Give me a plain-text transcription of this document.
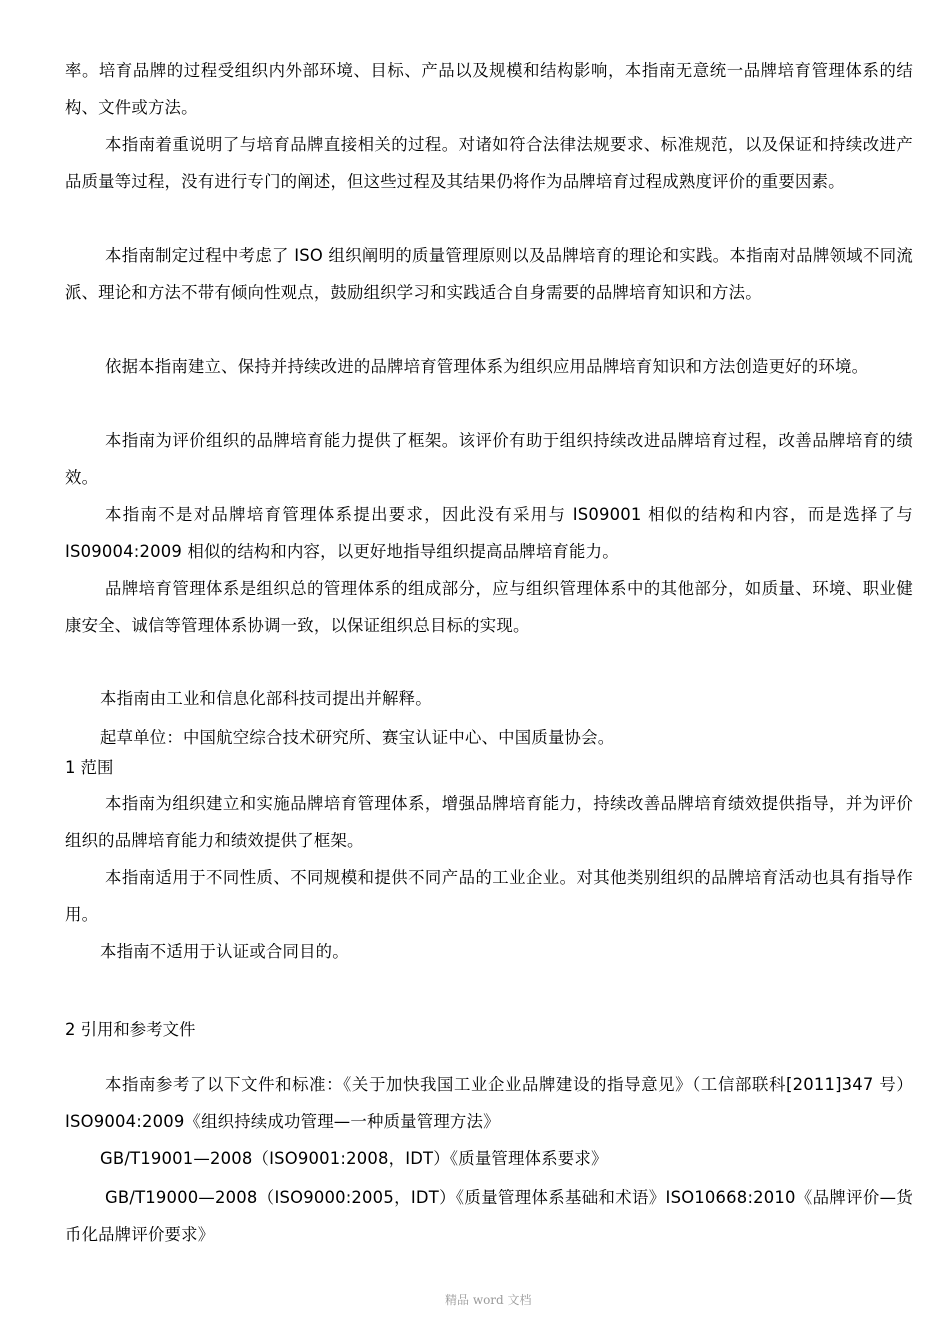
率。培育品牌的过程受组织内外部环境、目标、产品以及规模和结构影响，本指南无意统一品牌培育管理体系的结构、文件或方法。

本指南着重说明了与培育品牌直接相关的过程。对诸如符合法律法规要求、标准规范，以及保证和持续改进产品质量等过程，没有进行专门的阐述，但这些过程及其结果仍将作为品牌培育过程成熟度评价的重要因素。

本指南制定过程中考虑了 ISO 组织阐明的质量管理原则以及品牌培育的理论和实践。本指南对品牌领域不同流派、理论和方法不带有倾向性观点，鼓励组织学习和实践适合自身需要的品牌培育知识和方法。

依据本指南建立、保持并持续改进的品牌培育管理体系为组织应用品牌培育知识和方法创造更好的环境。

本指南为评价组织的品牌培育能力提供了框架。该评价有助于组织持续改进品牌培育过程，改善品牌培育的绩效。

本指南不是对品牌培育管理体系提出要求，因此没有采用与 IS09001 相似的结构和内容，而是选择了与 IS09004:2009 相似的结构和内容，以更好地指导组织提高品牌培育能力。

品牌培育管理体系是组织总的管理体系的组成部分，应与组织管理体系中的其他部分，如质量、环境、职业健康安全、诚信等管理体系协调一致，以保证组织总目标的实现。

本指南由工业和信息化部科技司提出并解释。

起草单位：中国航空综合技术研究所、赛宝认证中心、中国质量协会。

1 范围

本指南为组织建立和实施品牌培育管理体系，增强品牌培育能力，持续改善品牌培育绩效提供指导，并为评价组织的品牌培育能力和绩效提供了框架。

本指南适用于不同性质、不同规模和提供不同产品的工业企业。对其他类别组织的品牌培育活动也具有指导作用。

本指南不适用于认证或合同目的。

2 引用和参考文件

本指南参考了以下文件和标准：《关于加快我国工业企业品牌建设的指导意见》（工信部联科[2011]347 号）ISO9004:2009《组织持续成功管理—一种质量管理方法》

GB/T19001—2008（ISO9001:2008，IDT）《质量管理体系要求》

GB/T19000—2008（ISO9000:2005，IDT）《质量管理体系基础和术语》ISO10668:2010《品牌评价—货币化品牌评价要求》

精品 word 文档
